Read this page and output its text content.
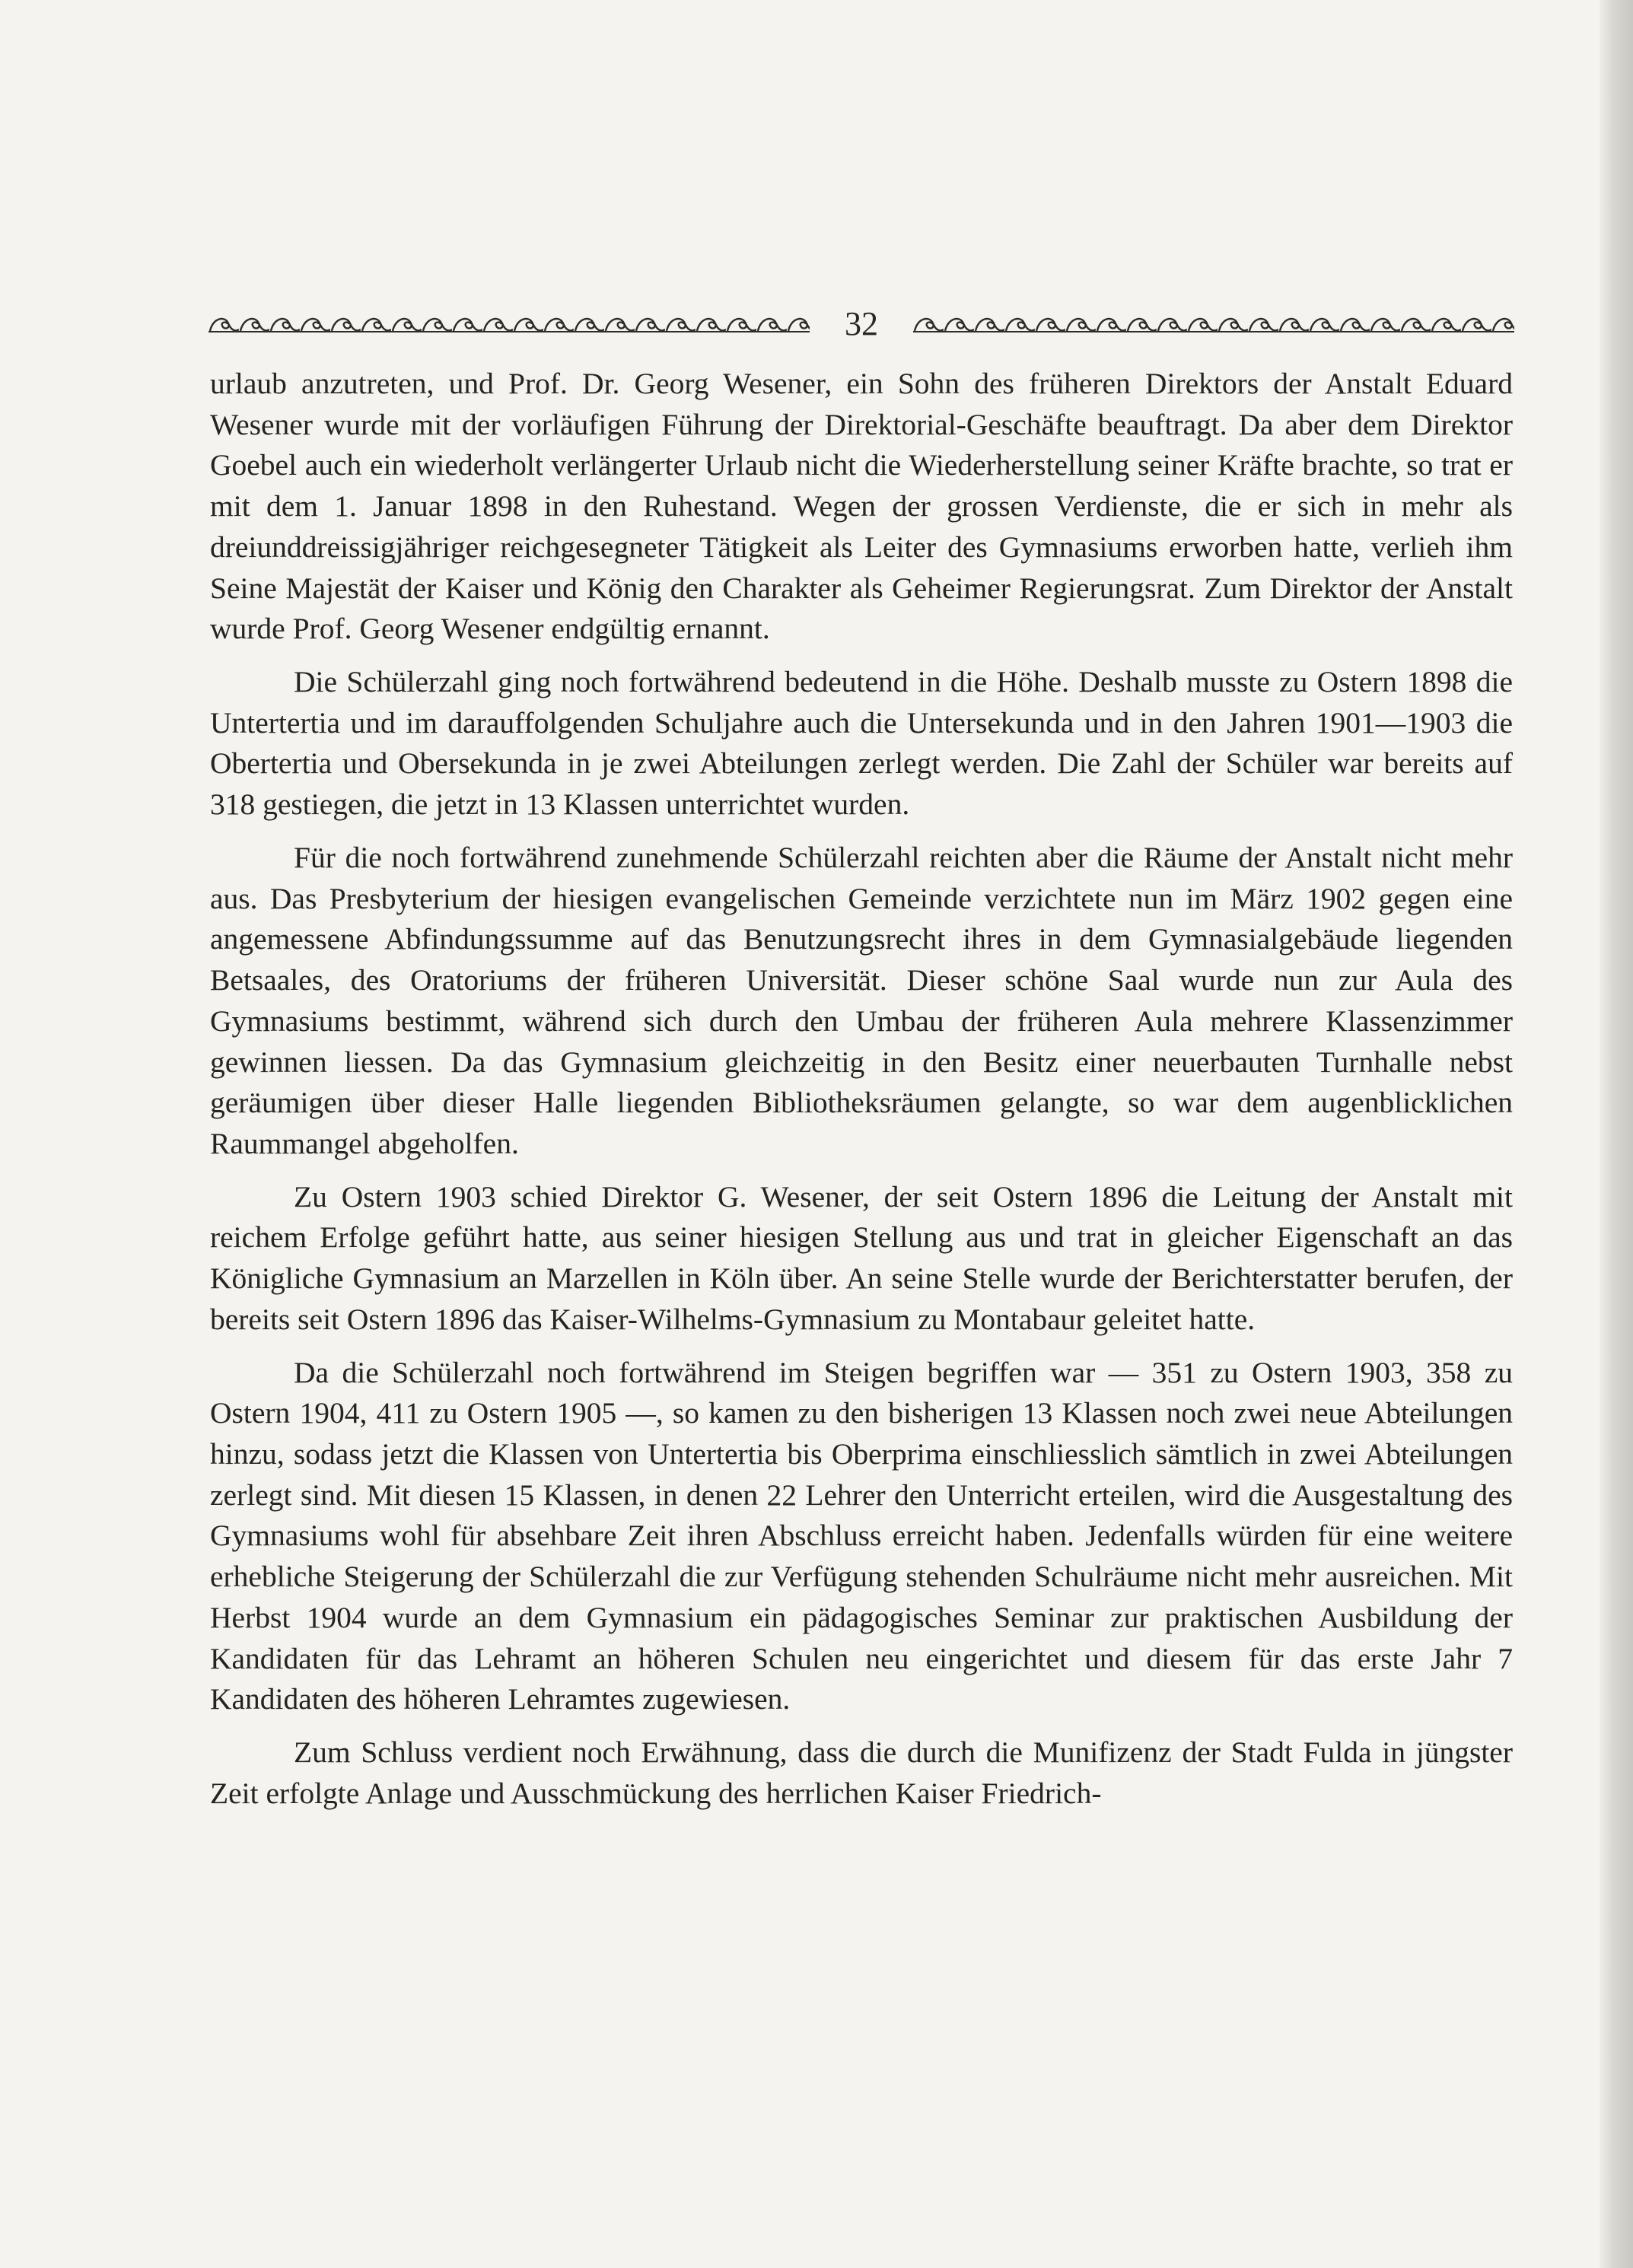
32

urlaub anzutreten, und Prof. Dr. Georg Wesener, ein Sohn des früheren Direktors der Anstalt Eduard Wesener wurde mit der vorläufigen Führung der Direktorial-Geschäfte beauftragt. Da aber dem Direktor Goebel auch ein wiederholt verlängerter Urlaub nicht die Wiederherstellung seiner Kräfte brachte, so trat er mit dem 1. Januar 1898 in den Ruhestand. Wegen der grossen Verdienste, die er sich in mehr als dreiunddreissigjähriger reichgesegneter Tätigkeit als Leiter des Gymnasiums erworben hatte, verlieh ihm Seine Majestät der Kaiser und König den Charakter als Geheimer Regierungsrat. Zum Direktor der Anstalt wurde Prof. Georg Wesener endgültig ernannt.

Die Schülerzahl ging noch fortwährend bedeutend in die Höhe. Deshalb musste zu Ostern 1898 die Untertertia und im darauffolgenden Schuljahre auch die Untersekunda und in den Jahren 1901—1903 die Obertertia und Obersekunda in je zwei Abteilungen zerlegt werden. Die Zahl der Schüler war bereits auf 318 gestiegen, die jetzt in 13 Klassen unterrichtet wurden.

Für die noch fortwährend zunehmende Schülerzahl reichten aber die Räume der Anstalt nicht mehr aus. Das Presbyterium der hiesigen evangelischen Gemeinde verzichtete nun im März 1902 gegen eine angemessene Abfindungssumme auf das Benutzungsrecht ihres in dem Gymnasialgebäude liegenden Betsaales, des Oratoriums der früheren Universität. Dieser schöne Saal wurde nun zur Aula des Gymnasiums bestimmt, während sich durch den Umbau der früheren Aula mehrere Klassenzimmer gewinnen liessen. Da das Gymnasium gleichzeitig in den Besitz einer neuerbauten Turnhalle nebst geräumigen über dieser Halle liegenden Bibliotheksräumen gelangte, so war dem augenblicklichen Raummangel abgeholfen.

Zu Ostern 1903 schied Direktor G. Wesener, der seit Ostern 1896 die Leitung der Anstalt mit reichem Erfolge geführt hatte, aus seiner hiesigen Stellung aus und trat in gleicher Eigenschaft an das Königliche Gymnasium an Marzellen in Köln über. An seine Stelle wurde der Berichterstatter berufen, der bereits seit Ostern 1896 das Kaiser-Wilhelms-Gymnasium zu Montabaur geleitet hatte.

Da die Schülerzahl noch fortwährend im Steigen begriffen war — 351 zu Ostern 1903, 358 zu Ostern 1904, 411 zu Ostern 1905 —, so kamen zu den bisherigen 13 Klassen noch zwei neue Abteilungen hinzu, sodass jetzt die Klassen von Untertertia bis Oberprima einschliesslich sämtlich in zwei Abteilungen zerlegt sind. Mit diesen 15 Klassen, in denen 22 Lehrer den Unterricht erteilen, wird die Ausgestaltung des Gymnasiums wohl für absehbare Zeit ihren Abschluss erreicht haben. Jedenfalls würden für eine weitere erhebliche Steigerung der Schülerzahl die zur Verfügung stehenden Schulräume nicht mehr ausreichen. Mit Herbst 1904 wurde an dem Gymnasium ein pädagogisches Seminar zur praktischen Ausbildung der Kandidaten für das Lehramt an höheren Schulen neu eingerichtet und diesem für das erste Jahr 7 Kandidaten des höheren Lehramtes zugewiesen.

Zum Schluss verdient noch Erwähnung, dass die durch die Munifizenz der Stadt Fulda in jüngster Zeit erfolgte Anlage und Ausschmückung des herrlichen Kaiser Friedrich-
